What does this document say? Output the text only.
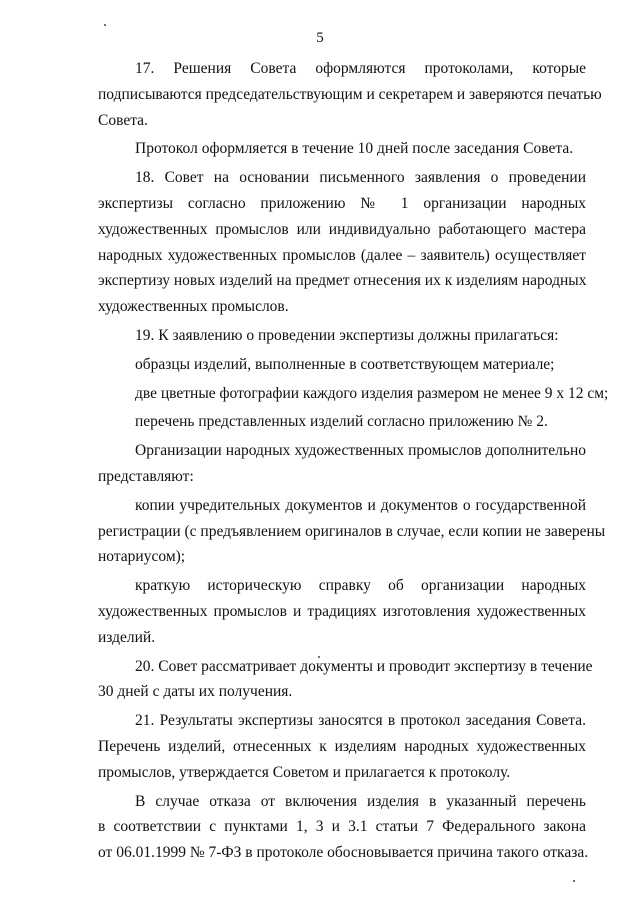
5
17. Решения Совета оформляются протоколами, которые
подписываются председательствующим и секретарем и заверяются печатью
Совета.
Протокол оформляется в течение 10 дней после заседания Совета.
18. Совет на основании письменного заявления о проведении
экспертизы согласно приложению № 1 организации народных
художественных промыслов или индивидуально работающего мастера
народных художественных промыслов (далее – заявитель) осуществляет
экспертизу новых изделий на предмет отнесения их к изделиям народных
художественных промыслов.
19. К заявлению о проведении экспертизы должны прилагаться:
образцы изделий, выполненные в соответствующем материале;
две цветные фотографии каждого изделия размером не менее 9 х 12 см;
перечень представленных изделий согласно приложению № 2.
Организации народных художественных промыслов дополнительно
представляют:
копии учредительных документов и документов о государственной
регистрации (с предъявлением оригиналов в случае, если копии не заверены
нотариусом);
краткую историческую справку об организации народных
художественных промыслов и традициях изготовления художественных
изделий.
20. Совет рассматривает документы и проводит экспертизу в течение
30 дней с даты их получения.
21. Результаты экспертизы заносятся в протокол заседания Совета.
Перечень изделий, отнесенных к изделиям народных художественных
промыслов, утверждается Советом и прилагается к протоколу.
В случае отказа от включения изделия в указанный перечень
в соответствии с пунктами 1, 3 и 3.1 статьи 7 Федерального закона
от 06.01.1999 № 7-ФЗ в протоколе обосновывается причина такого отказа.
